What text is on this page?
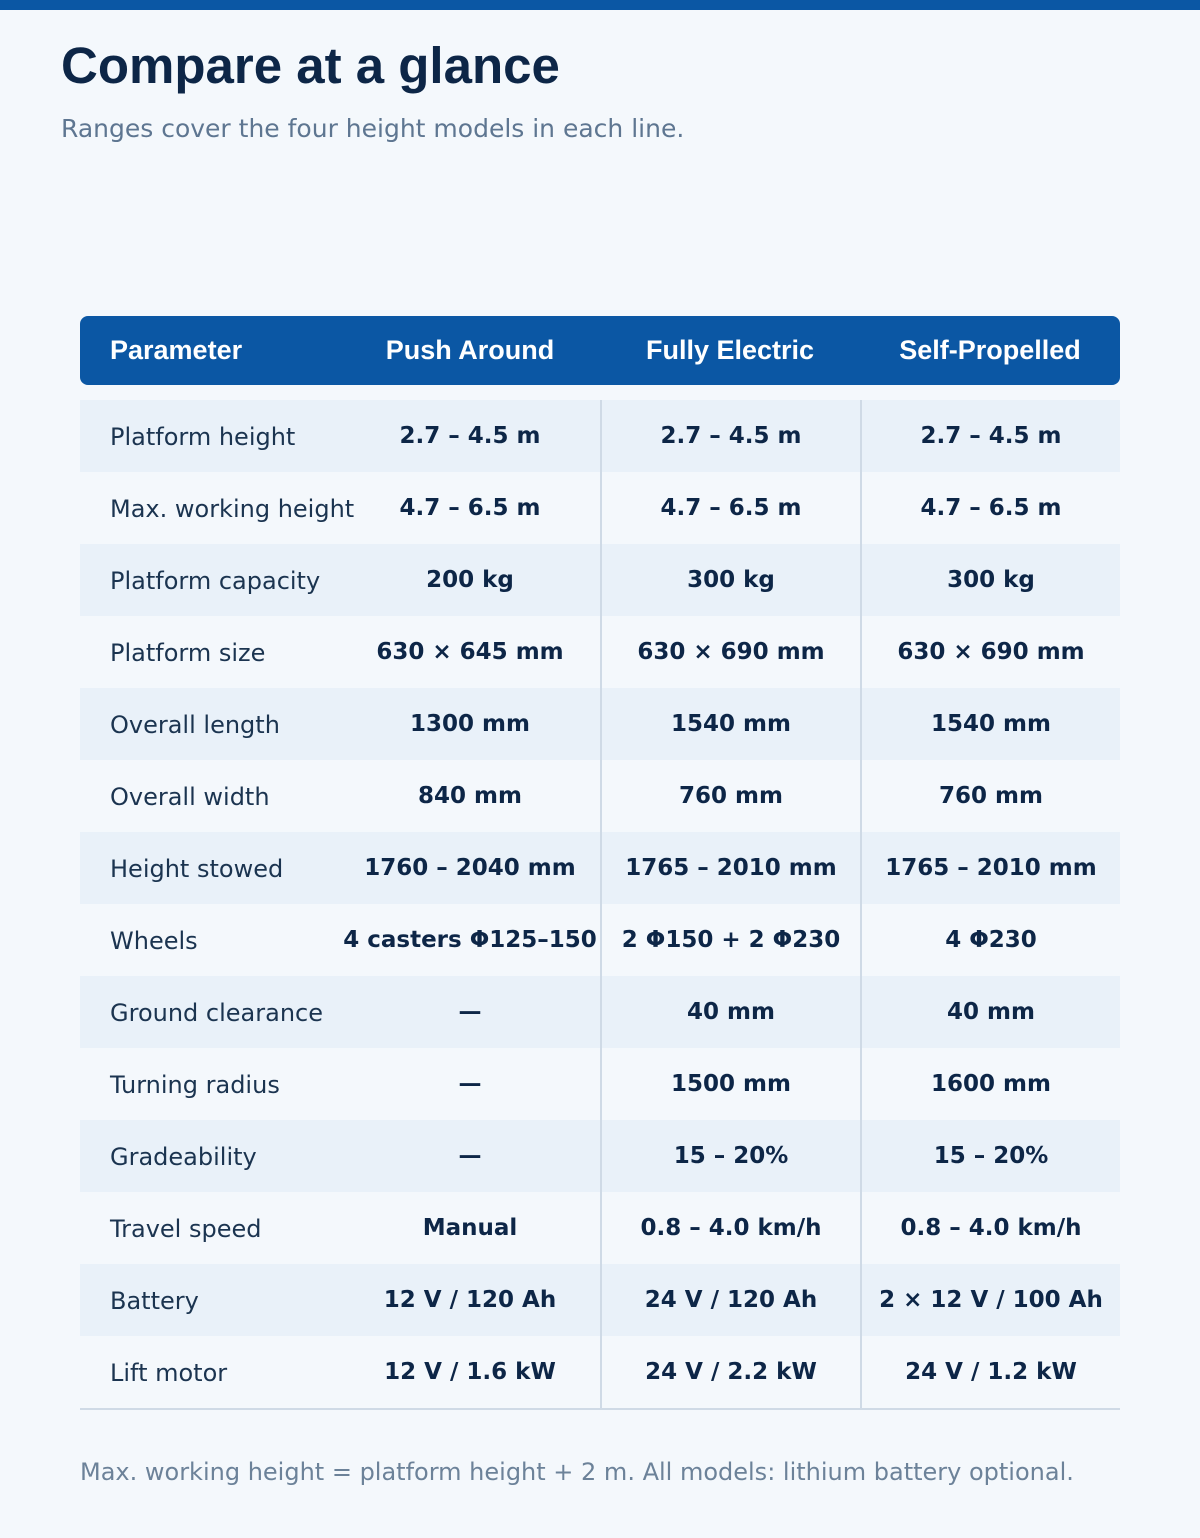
Compare at a glance

Ranges cover the four height models in each line.

Parameter	Push Around	Fully Electric	Self-Propelled
Platform height	2.7 – 4.5 m	2.7 – 4.5 m	2.7 – 4.5 m
Max. working height	4.7 – 6.5 m	4.7 – 6.5 m	4.7 – 6.5 m
Platform capacity	200 kg	300 kg	300 kg
Platform size	630 × 645 mm	630 × 690 mm	630 × 690 mm
Overall length	1300 mm	1540 mm	1540 mm
Overall width	840 mm	760 mm	760 mm
Height stowed	1760 – 2040 mm	1765 – 2010 mm	1765 – 2010 mm
Wheels	4 casters Φ125–150	2 Φ150 + 2 Φ230	4 Φ230
Ground clearance	—	40 mm	40 mm
Turning radius	—	1500 mm	1600 mm
Gradeability	—	15 – 20%	15 – 20%
Travel speed	Manual	0.8 – 4.0 km/h	0.8 – 4.0 km/h
Battery	12 V / 120 Ah	24 V / 120 Ah	2 × 12 V / 100 Ah
Lift motor	12 V / 1.6 kW	24 V / 2.2 kW	24 V / 1.2 kW

Max. working height = platform height + 2 m. All models: lithium battery optional.
